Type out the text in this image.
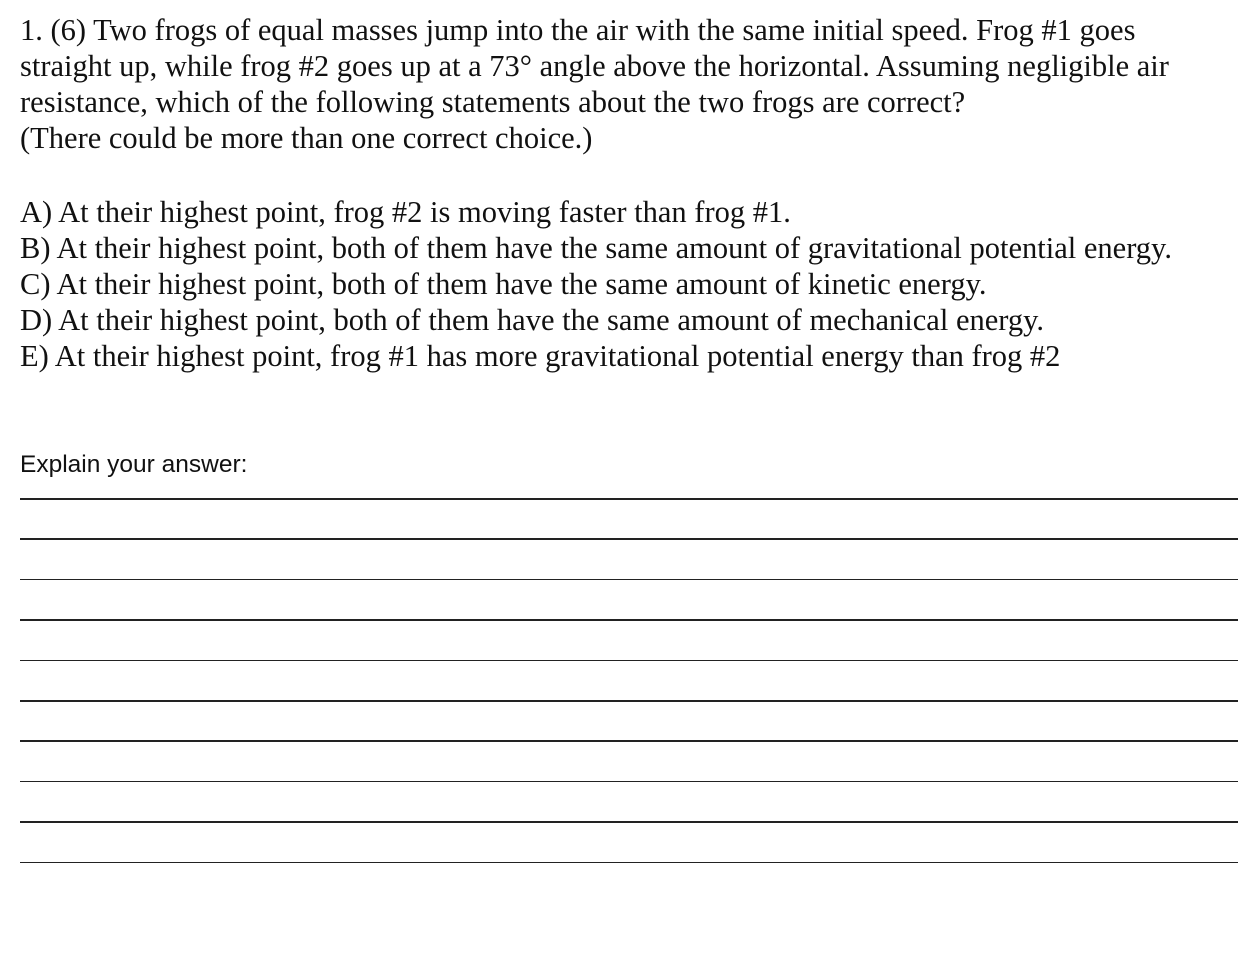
1. (6) Two frogs of equal masses jump into the air with the same initial speed. Frog #1 goes
straight up, while frog #2 goes up at a 73° angle above the horizontal. Assuming negligible air
resistance, which of the following statements about the two frogs are correct?
(There could be more than one correct choice.)
A) At their highest point, frog #2 is moving faster than frog #1.
B) At their highest point, both of them have the same amount of gravitational potential energy.
C) At their highest point, both of them have the same amount of kinetic energy.
D) At their highest point, both of them have the same amount of mechanical energy.
E) At their highest point, frog #1 has more gravitational potential energy than frog #2
Explain your answer:
